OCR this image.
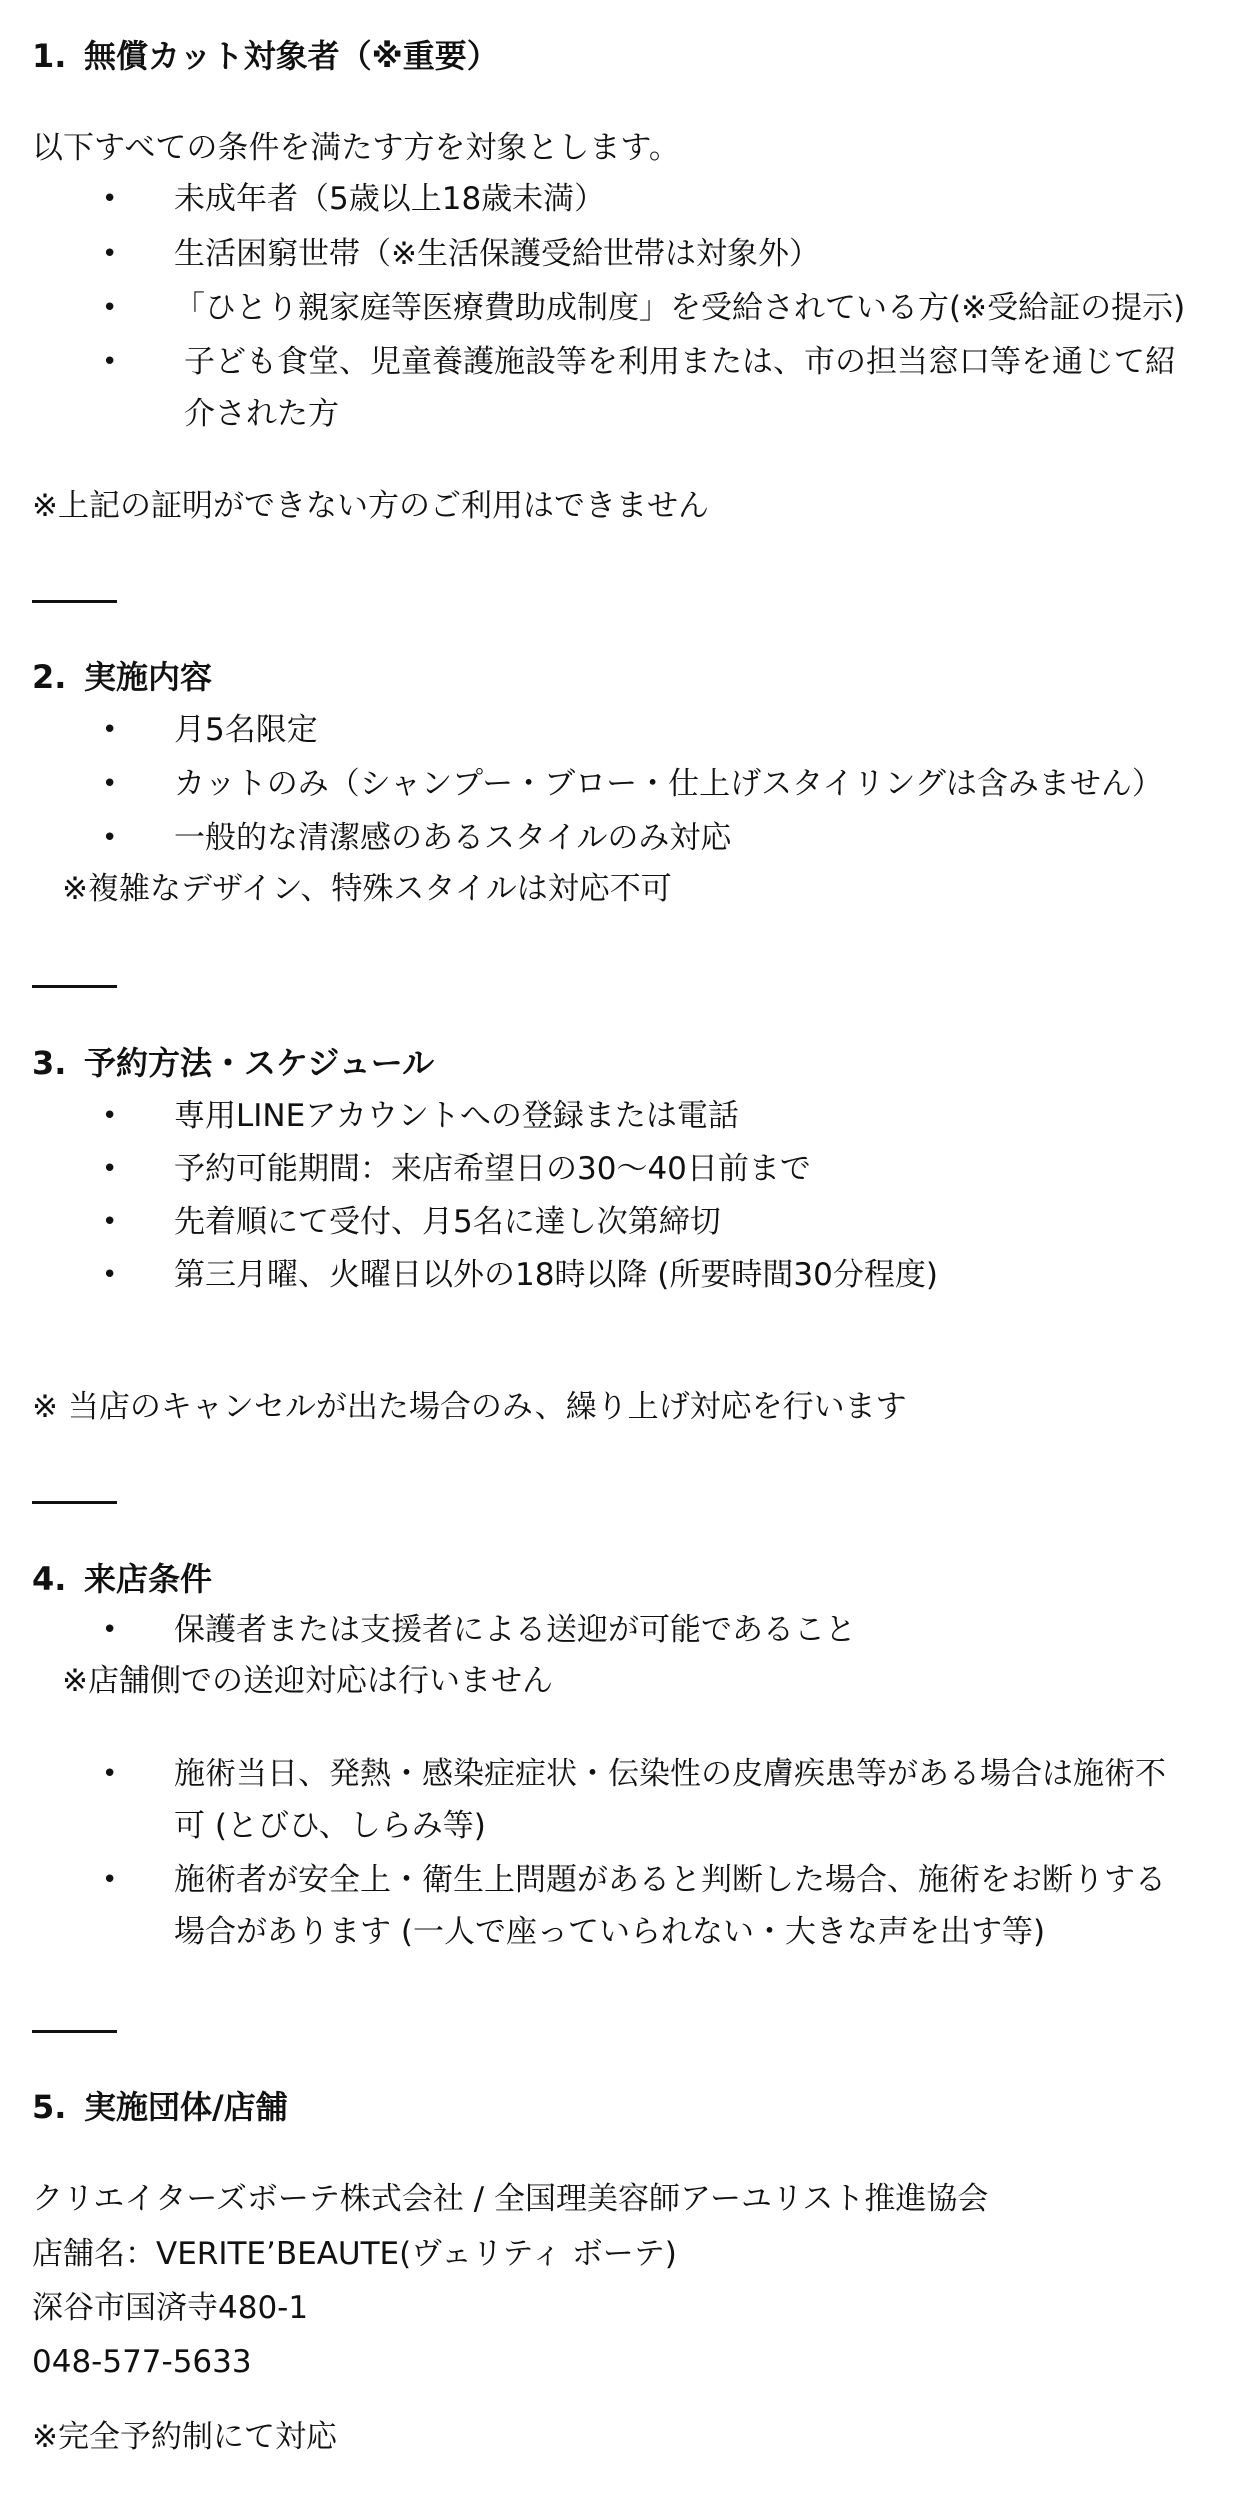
1. 無償カット対象者（※重要）
以下すべての条件を満たす方を対象とします。
• 未成年者（5歳以上18歳未満）
• 生活困窮世帯（※生活保護受給世帯は対象外）
• 「ひとり親家庭等医療費助成制度」を受給されている方(※受給証の提示)
• 子ども食堂、児童養護施設等を利用または、市の担当窓口等を通じて紹
介された方
※上記の証明ができない方のご利用はできません
2. 実施内容
• 月5名限定
• カットのみ（シャンプー・ブロー・仕上げスタイリングは含みません）
• 一般的な清潔感のあるスタイルのみ対応
※複雑なデザイン、特殊スタイルは対応不可
3. 予約方法・スケジュール
• 専用LINEアカウントへの登録または電話
• 予約可能期間：来店希望日の30〜40日前まで
• 先着順にて受付、月5名に達し次第締切
• 第三月曜、火曜日以外の18時以降 (所要時間30分程度)
※ 当店のキャンセルが出た場合のみ、繰り上げ対応を行います
4. 来店条件
• 保護者または支援者による送迎が可能であること
※店舗側での送迎対応は行いません
• 施術当日、発熱・感染症症状・伝染性の皮膚疾患等がある場合は施術不
可 (とびひ、しらみ等)
• 施術者が安全上・衛生上問題があると判断した場合、施術をお断りする
場合があります (一人で座っていられない・大きな声を出す等)
5. 実施団体/店舗
クリエイターズボーテ株式会社 / 全国理美容師アーユリスト推進協会
店舗名：VERITE’BEAUTE(ヴェリティ ボーテ)
深谷市国済寺480-1
048-577-5633
※完全予約制にて対応
